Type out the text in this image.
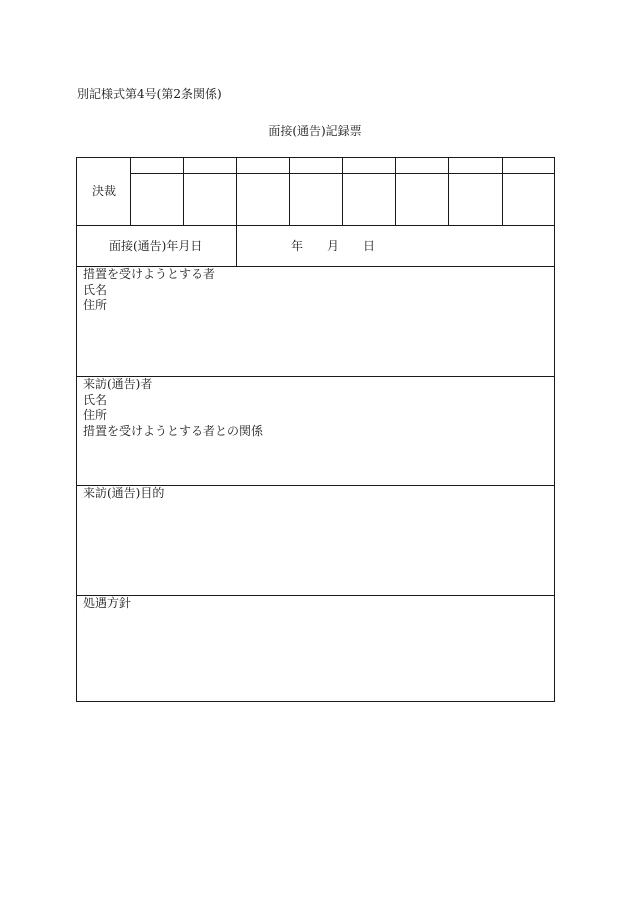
別記様式第4号(第2条関係)
面接(通告)記録票
決裁
面接(通告)年月日	年 月 日
措置を受けようとする者
氏名
住所
来訪(通告)者
氏名
住所
措置を受けようとする者との関係
来訪(通告)目的
処遇方針
